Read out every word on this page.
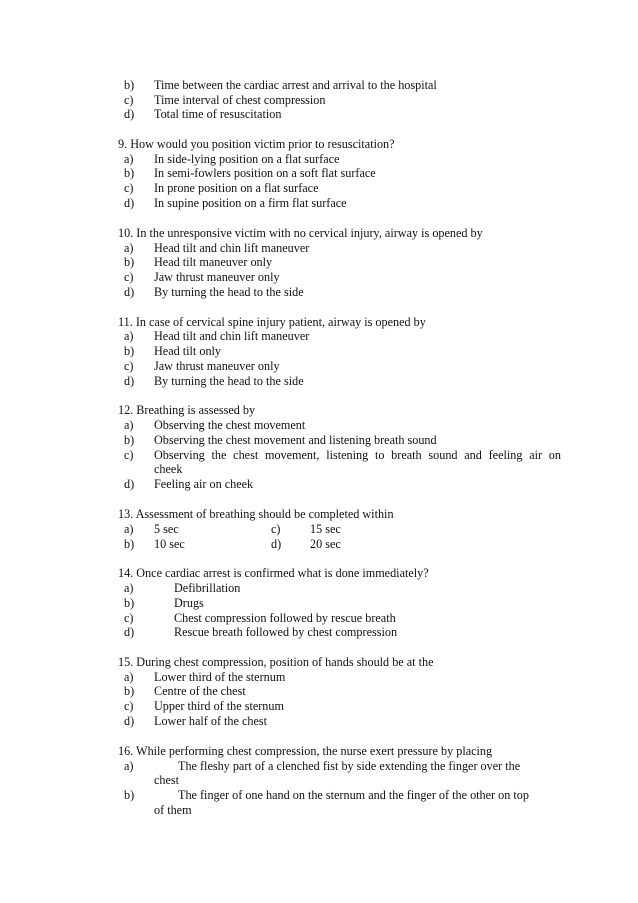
b) Time between the cardiac arrest and arrival to the hospital
c) Time interval of chest compression
d) Total time of resuscitation
9. How would you position victim prior to resuscitation?
a) In side-lying position on a flat surface
b) In semi-fowlers position on a soft flat surface
c) In prone position on a flat surface
d) In supine position on a firm flat surface
10. In the unresponsive victim with no cervical injury, airway is opened by
a) Head tilt and chin lift maneuver
b) Head tilt maneuver only
c) Jaw thrust maneuver only
d) By turning the head to the side
11. In case of cervical spine injury patient, airway is opened by
a) Head tilt and chin lift maneuver
b) Head tilt only
c) Jaw thrust maneuver only
d) By turning the head to the side
12. Breathing is assessed by
a) Observing the chest movement
b) Observing the chest movement and listening breath sound
c) Observing the chest movement, listening to breath sound and feeling air on
cheek
d) Feeling air on cheek
13. Assessment of breathing should be completed within
a) 5 sec	c) 15 sec
b) 10 sec	d) 20 sec
14. Once cardiac arrest is confirmed what is done immediately?
a)	Defibrillation
b)	Drugs
c)	Chest compression followed by rescue breath
d)	Rescue breath followed by chest compression
15. During chest compression, position of hands should be at the
a) Lower third of the sternum
b) Centre of the chest
c) Upper third of the sternum
d) Lower half of the chest
16. While performing chest compression, the nurse exert pressure by placing
a)	The fleshy part of a clenched fist by side extending the finger over the
chest
b)	The finger of one hand on the sternum and the finger of the other on top
of them
